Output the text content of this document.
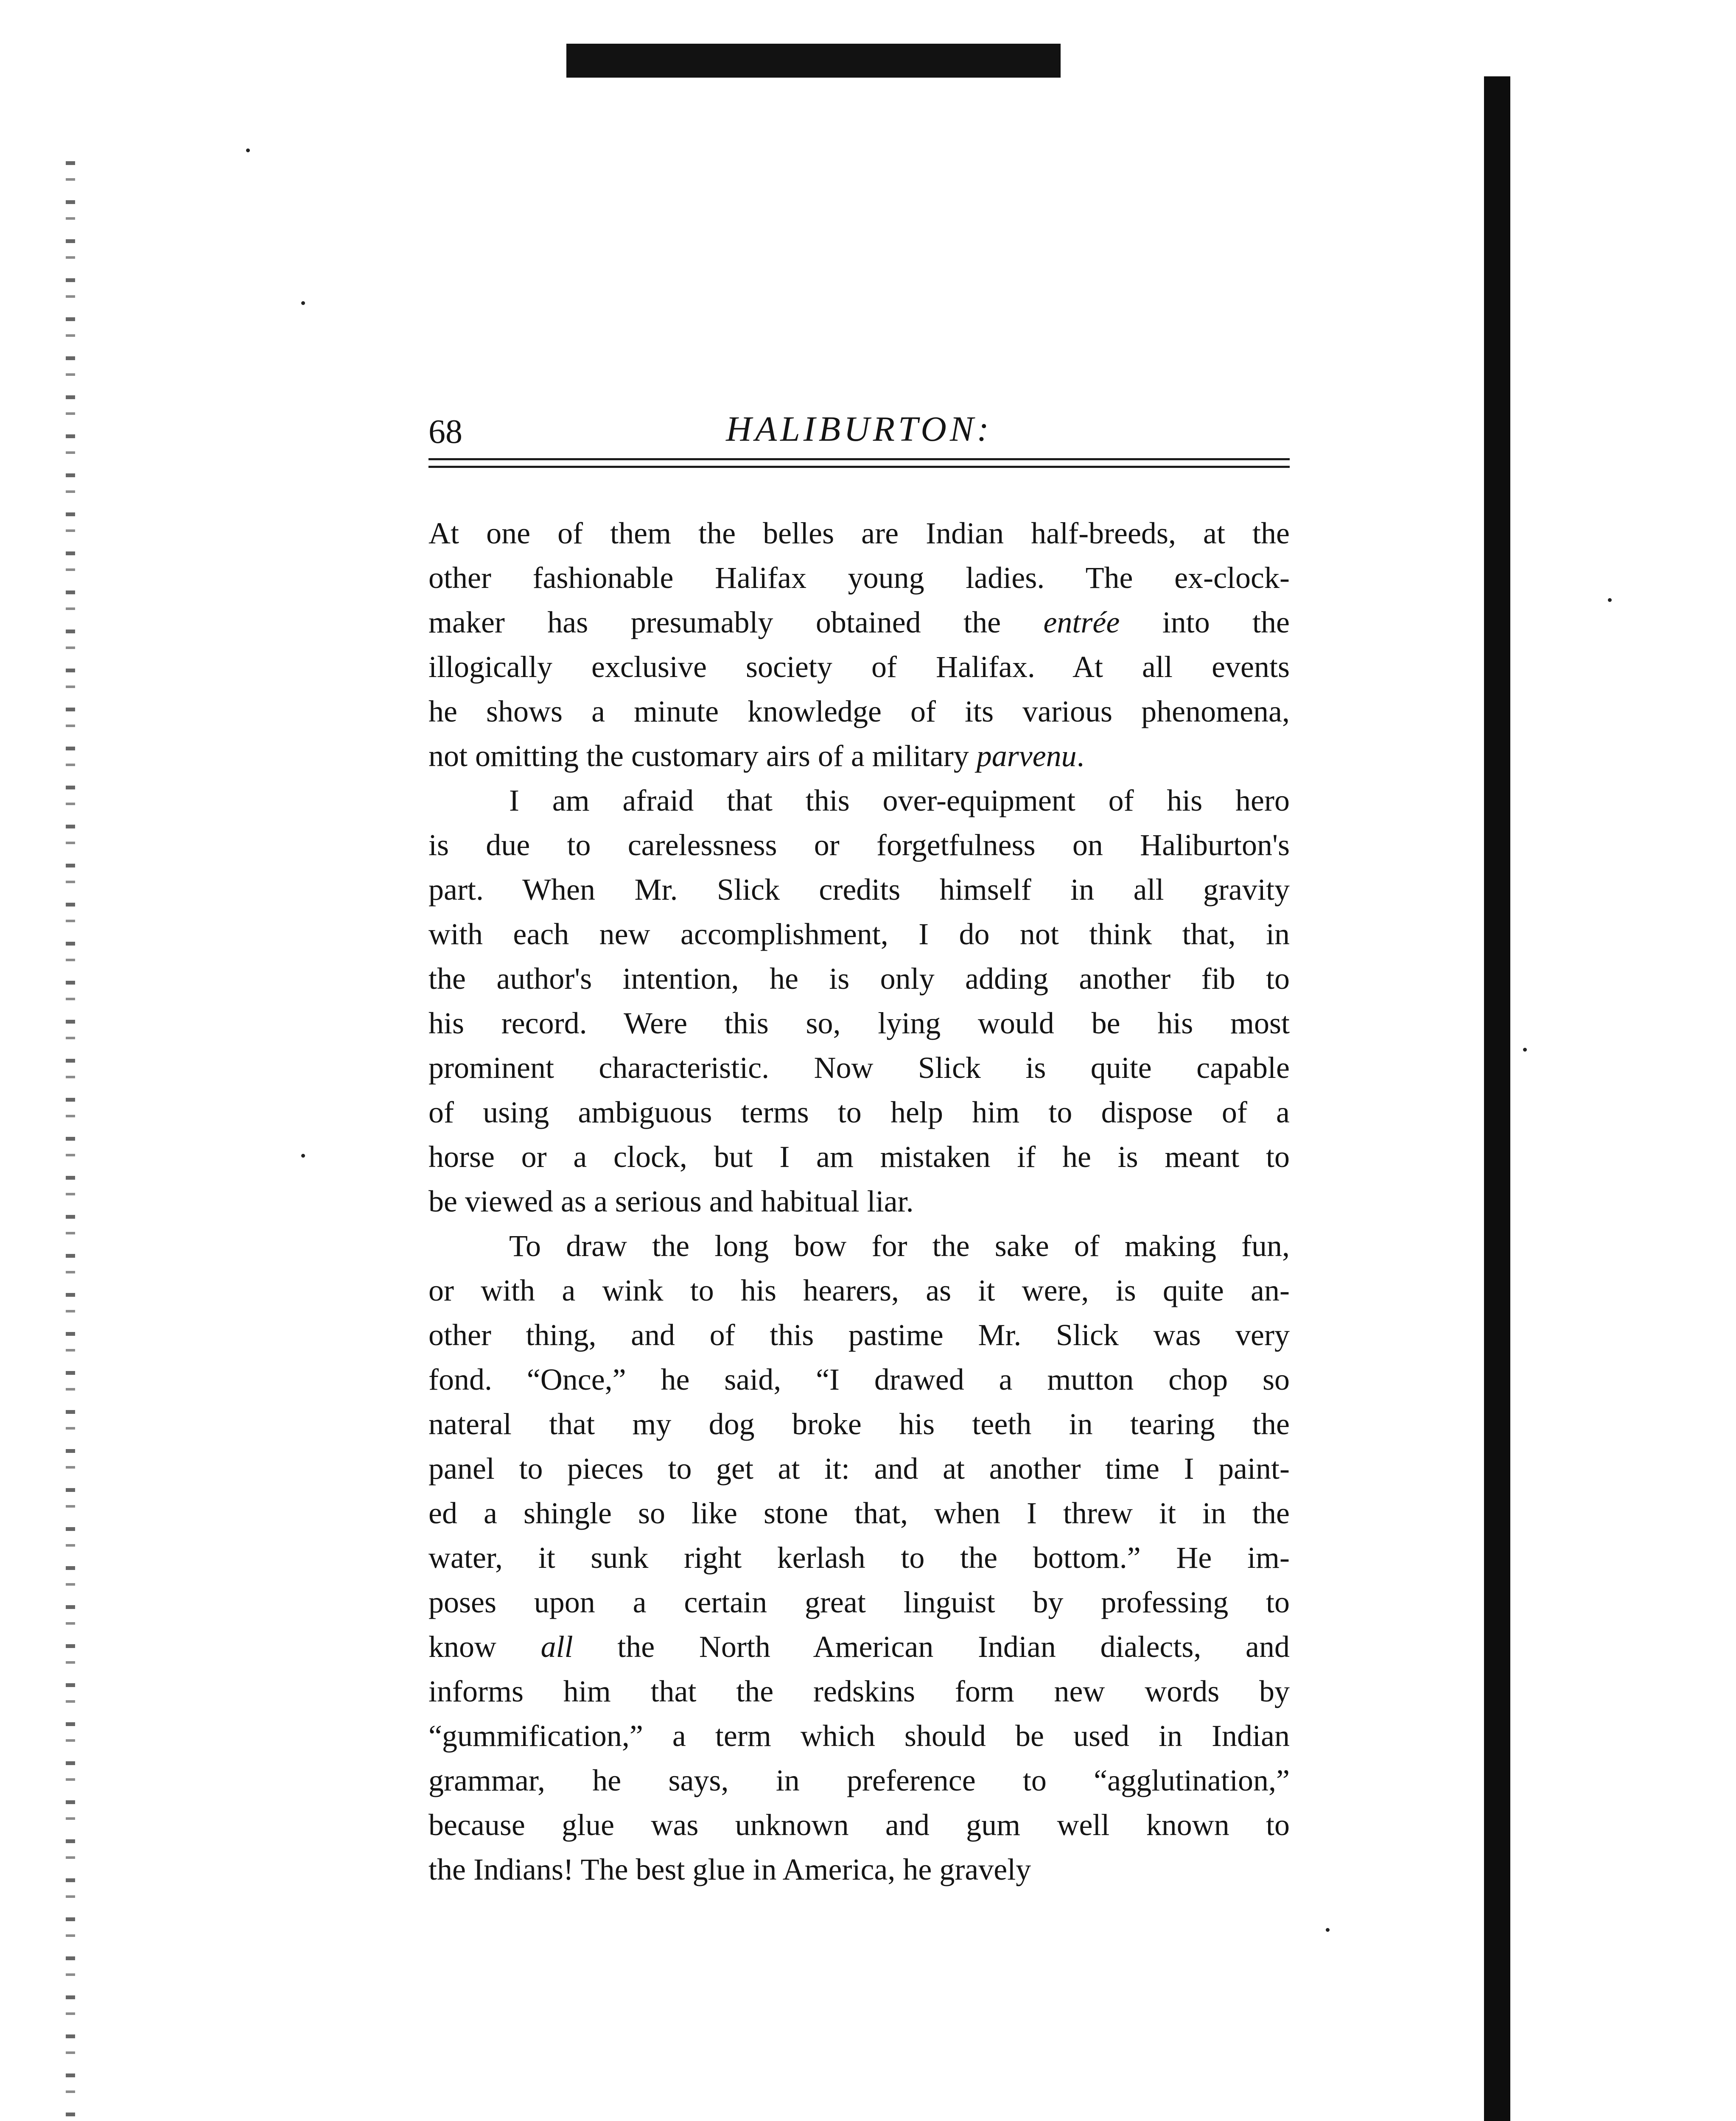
68	HALIBURTON:
At one of them the belles are Indian half-breeds, at the
other fashionable Halifax young ladies. The ex-clock-
maker has presumably obtained the entrée into the
illogically exclusive society of Halifax. At all events
he shows a minute knowledge of its various phenomena,
not omitting the customary airs of a military parvenu.
I am afraid that this over-equipment of his hero
is due to carelessness or forgetfulness on Haliburton's
part. When Mr. Slick credits himself in all gravity
with each new accomplishment, I do not think that, in
the author's intention, he is only adding another fib to
his record. Were this so, lying would be his most
prominent characteristic. Now Slick is quite capable
of using ambiguous terms to help him to dispose of a
horse or a clock, but I am mistaken if he is meant to
be viewed as a serious and habitual liar.
To draw the long bow for the sake of making fun,
or with a wink to his hearers, as it were, is quite an-
other thing, and of this pastime Mr. Slick was very
fond. “Once,” he said, “I drawed a mutton chop so
nateral that my dog broke his teeth in tearing the
panel to pieces to get at it: and at another time I paint-
ed a shingle so like stone that, when I threw it in the
water, it sunk right kerlash to the bottom.” He im-
poses upon a certain great linguist by professing to
know all the North American Indian dialects, and
informs him that the redskins form new words by
“gummification,” a term which should be used in Indian
grammar, he says, in preference to “agglutination,”
because glue was unknown and gum well known to
the Indians! The best glue in America, he gravely
